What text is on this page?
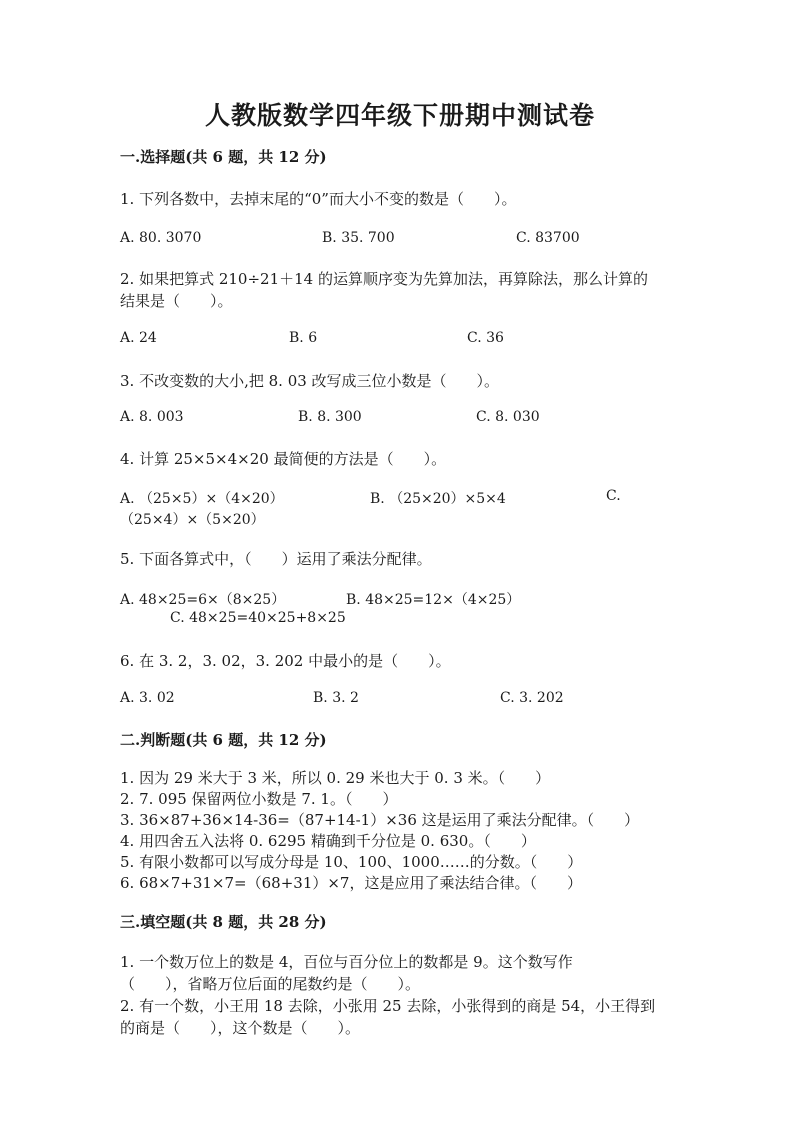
人教版数学四年级下册期中测试卷
一.选择题(共 6 题，共 12 分)
1. 下列各数中，去掉末尾的“0”而大小不变的数是（　　）。
A. 80. 3070	B. 35. 700	C. 83700
2. 如果把算式 210÷21＋14 的运算顺序变为先算加法，再算除法，那么计算的
结果是（　　）。
A. 24	B. 6	C. 36
3. 不改变数的大小,把 8. 03 改写成三位小数是（　　）。
A. 8. 003	B. 8. 300	C. 8. 030
4. 计算 25×5×4×20 最简便的方法是（　　）。
A. （25×5）×（4×20）	B. （25×20）×5×4	C.
（25×4）×（5×20）
5. 下面各算式中，（　　）运用了乘法分配律。
A. 48×25=6×（8×25）	B. 48×25=12×（4×25）
C. 48×25=40×25+8×25
6. 在 3. 2，3. 02，3. 202 中最小的是（　　）。
A. 3. 02	B. 3. 2	C. 3. 202
二.判断题(共 6 题，共 12 分)
1. 因为 29 米大于 3 米，所以 0. 29 米也大于 0. 3 米。（　　）
2. 7. 095 保留两位小数是 7. 1。（　　）
3. 36×87+36×14-36=（87+14-1）×36 这是运用了乘法分配律。（　　）
4. 用四舍五入法将 0. 6295 精确到千分位是 0. 630。（　　）
5. 有限小数都可以写成分母是 10、100、1000……的分数。（　　）
6. 68×7+31×7=（68+31）×7，这是应用了乘法结合律。（　　）
三.填空题(共 8 题，共 28 分)
1. 一个数万位上的数是 4，百位与百分位上的数都是 9。这个数写作
（　　），省略万位后面的尾数约是（　　）。
2. 有一个数，小王用 18 去除，小张用 25 去除，小张得到的商是 54，小王得到
的商是（　　），这个数是（　　）。
